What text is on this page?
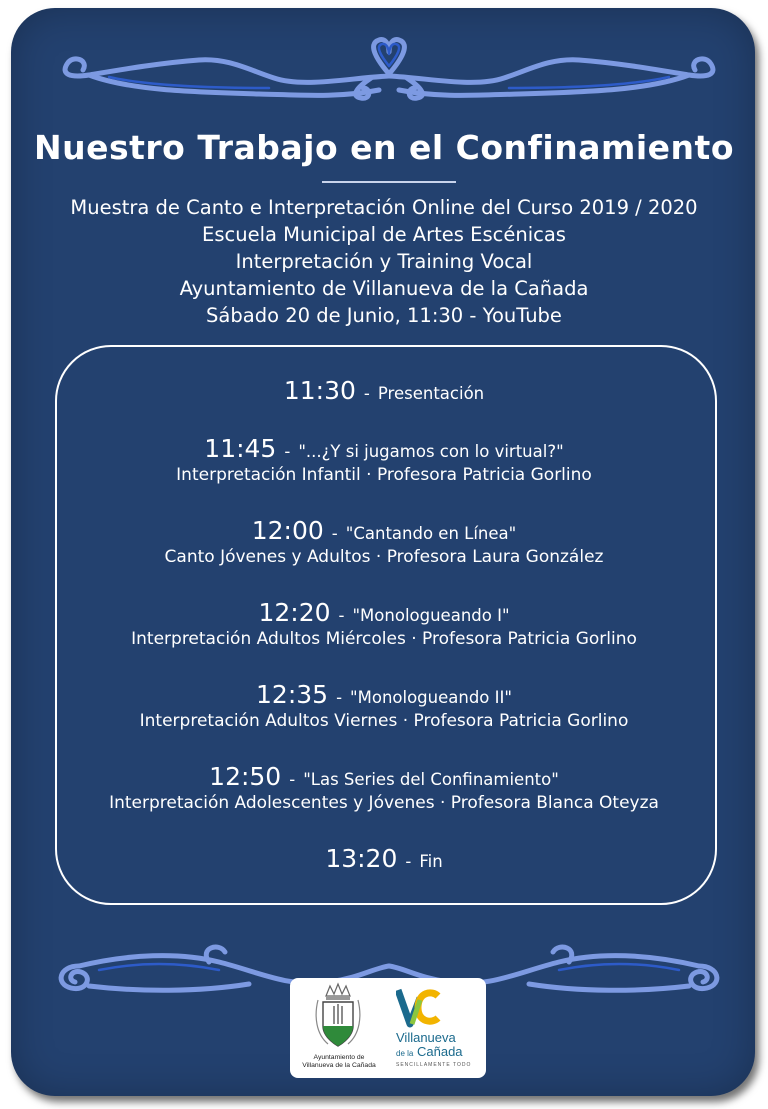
Nuestro Trabajo en el Confinamiento
Muestra de Canto e Interpretación Online del Curso 2019 / 2020
Escuela Municipal de Artes Escénicas
Interpretación y Training Vocal
Ayuntamiento de Villanueva de la Cañada
Sábado 20 de Junio, 11:30 - YouTube
11:30 - Presentación
11:45 - "...¿Y si jugamos con lo virtual?"
Interpretación Infantil · Profesora Patricia Gorlino
12:00 - "Cantando en Línea"
Canto Jóvenes y Adultos · Profesora Laura González
12:20 - "Monologueando I"
Interpretación Adultos Miércoles · Profesora Patricia Gorlino
12:35 - "Monologueando II"
Interpretación Adultos Viernes · Profesora Patricia Gorlino
12:50 - "Las Series del Confinamiento"
Interpretación Adolescentes y Jóvenes · Profesora Blanca Oteyza
13:20 - Fin
Ayuntamiento de
Villanueva de la Cañada
Villanueva
de la Cañada
SENCILLAMENTE TODO
